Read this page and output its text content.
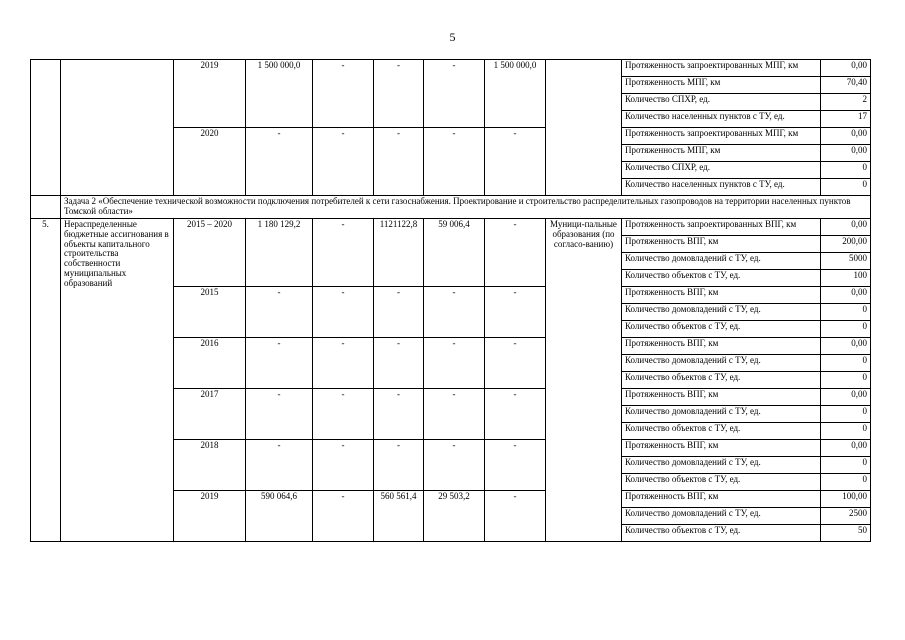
5
		2019	1 500 000,0	-	-	-	1 500 000,0		Протяженность запроектированных МПГ, км	0,00
									Протяженность МПГ, км	70,40
									Количество СПХР, ед.	2
									Количество населенных пунктов с ТУ, ед.	17
		2020	-	-	-	-	-		Протяженность запроектированных МПГ, км	0,00
									Протяженность МПГ, км	0,00
									Количество СПХР, ед.	0
									Количество населенных пунктов с ТУ, ед.	0
	Задача 2 «Обеспечение технической возможности подключения потребителей к сети газоснабжения. Проектирование и строительство распределительных газопроводов на территории населенных пунктов Томской области»									
5.	Нераспределенные бюджетные ассигнования в объекты капитального строительства собственности муниципальных образований	2015 – 2020	1 180 129,2	-	1121122,8	59 006,4	-	Муници-пальные образования (по согласо-ванию)	Протяженность запроектированных ВПГ, км	0,00
									Протяженность ВПГ, км	200,00
									Количество домовладений с ТУ, ед.	5000
									Количество объектов с ТУ, ед.	100
		2015	-	-	-	-	-		Протяженность ВПГ, км	0,00
									Количество домовладений с ТУ, ед.	0
									Количество объектов с ТУ, ед.	0
		2016	-	-	-	-	-		Протяженность ВПГ, км	0,00
									Количество домовладений с ТУ, ед.	0
									Количество объектов с ТУ, ед.	0
		2017	-	-	-	-	-		Протяженность ВПГ, км	0,00
									Количество домовладений с ТУ, ед.	0
									Количество объектов с ТУ, ед.	0
		2018	-	-	-	-	-		Протяженность ВПГ, км	0,00
									Количество домовладений с ТУ, ед.	0
									Количество объектов с ТУ, ед.	0
		2019	590 064,6	-	560 561,4	29 503,2	-		Протяженность ВПГ, км	100,00
									Количество домовладений с ТУ, ед.	2500
									Количество объектов с ТУ, ед.	50
